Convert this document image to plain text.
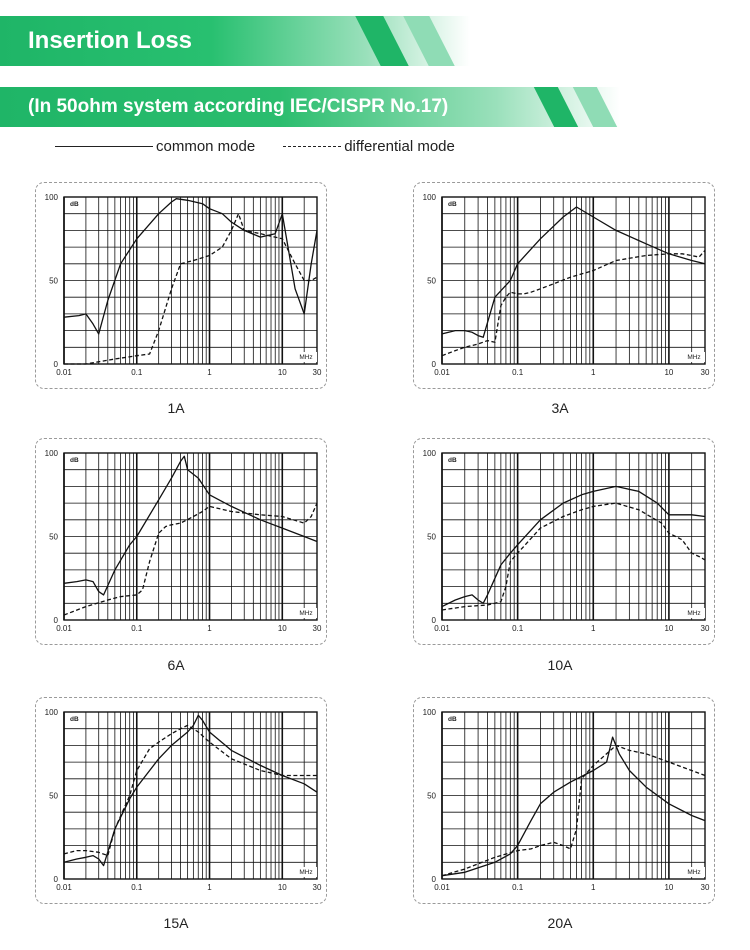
Insertion Loss
(In 50ohm system according IEC/CISPR No.17)
common mode	differential mode
0
50
100
0.01	0.1	1	10	30
dB
MHz
1A
0
50
100
0.01	0.1	1	10	30
dB
MHz
3A
0
50
100
0.01	0.1	1	10	30
dB
MHz
6A
0
50
100
0.01	0.1	1	10	30
dB
MHz
10A
0
50
100
0.01	0.1	1	10	30
dB
MHz
15A
0
50
100
0.01	0.1	1	10	30
dB
MHz
20A
